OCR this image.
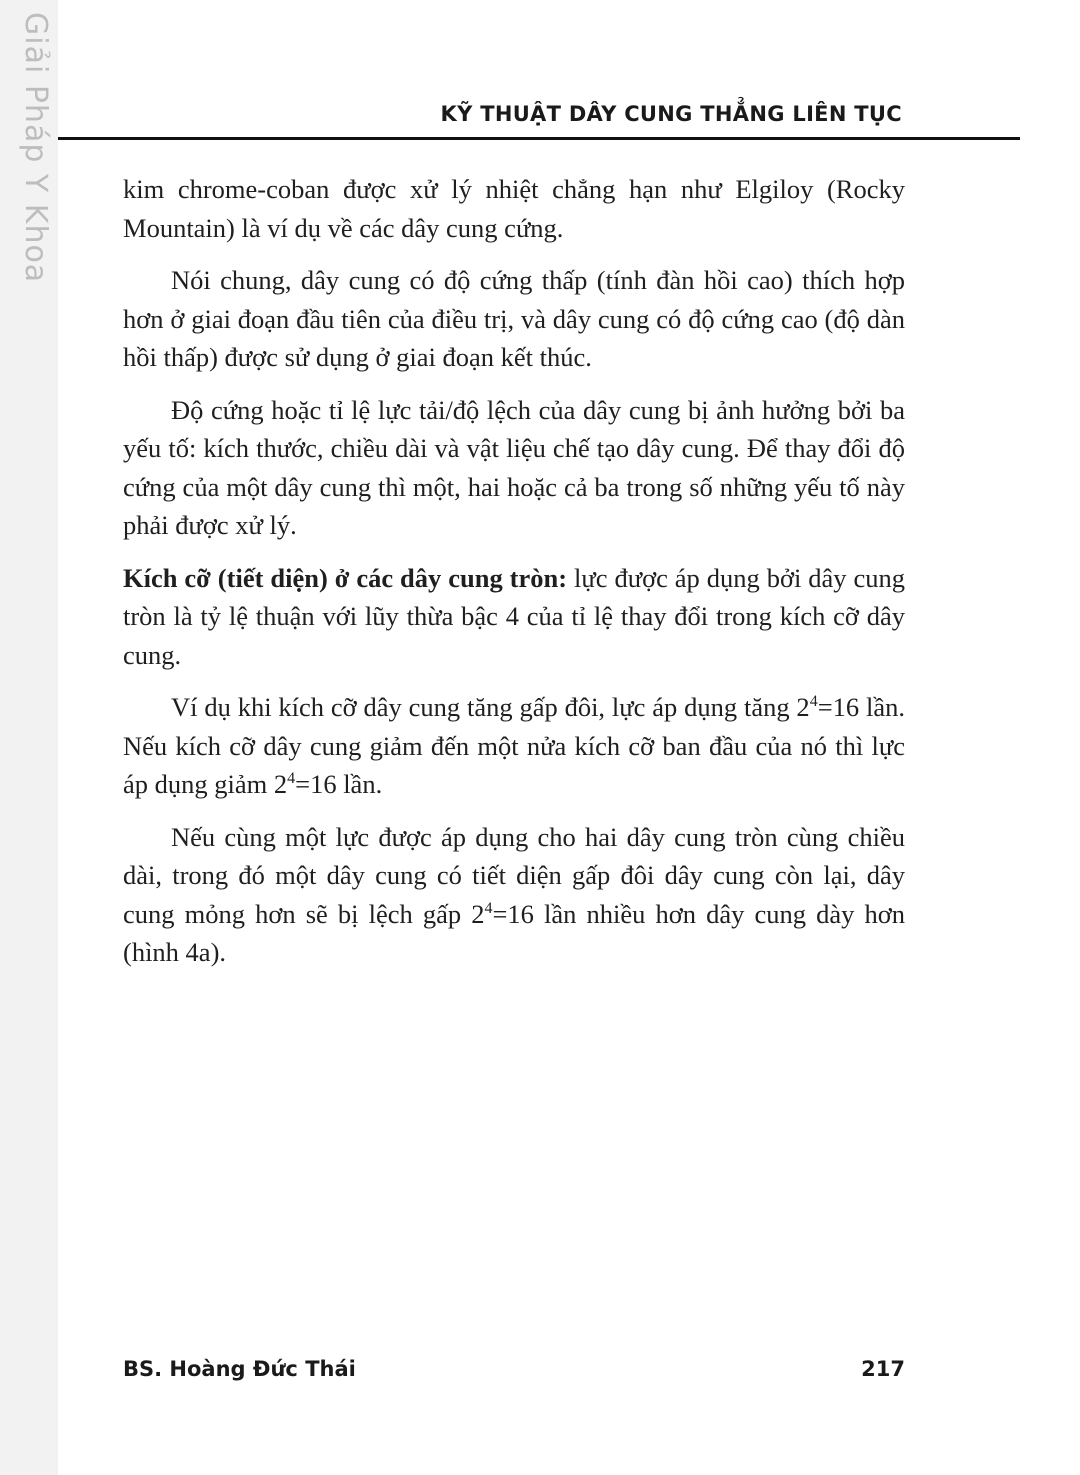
Giải Pháp Y Khoa	KỸ THUẬT DÂY CUNG THẲNG LIÊN TỤC

kim chrome-coban được xử lý nhiệt chẳng hạn như Elgiloy (Rocky Mountain) là ví dụ về các dây cung cứng.

Nói chung, dây cung có độ cứng thấp (tính đàn hồi cao) thích hợp hơn ở giai đoạn đầu tiên của điều trị, và dây cung có độ cứng cao (độ dàn hồi thấp) được sử dụng ở giai đoạn kết thúc.

Độ cứng hoặc tỉ lệ lực tải/độ lệch của dây cung bị ảnh hưởng bởi ba yếu tố: kích thước, chiều dài và vật liệu chế tạo dây cung. Để thay đổi độ cứng của một dây cung thì một, hai hoặc cả ba trong số những yếu tố này phải được xử lý.

Kích cỡ (tiết diện) ở các dây cung tròn: lực được áp dụng bởi dây cung tròn là tỷ lệ thuận với lũy thừa bậc 4 của tỉ lệ thay đổi trong kích cỡ dây cung.

Ví dụ khi kích cỡ dây cung tăng gấp đôi, lực áp dụng tăng $2^4=16$ lần. Nếu kích cỡ dây cung giảm đến một nửa kích cỡ ban đầu của nó thì lực áp dụng giảm $2^4=16$ lần.

Nếu cùng một lực được áp dụng cho hai dây cung tròn cùng chiều dài, trong đó một dây cung có tiết diện gấp đôi dây cung còn lại, dây cung mỏng hơn sẽ bị lệch gấp $2^4=16$ lần nhiều hơn dây cung dày hơn (hình 4a).

BS. Hoàng Đức Thái	217
